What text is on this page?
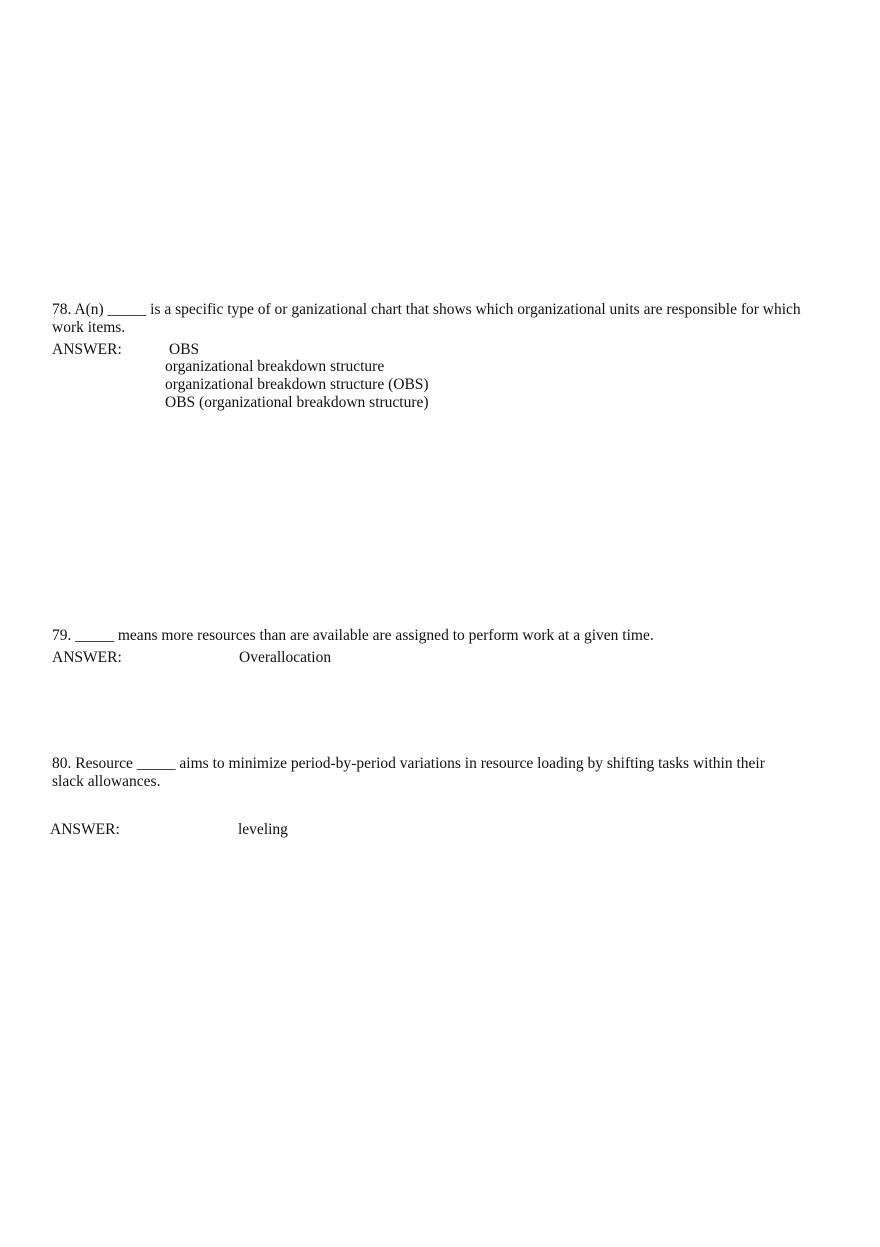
78. A(n) _____ is a specific type of or ganizational chart that shows which organizational units are responsible for which work items.
ANSWER:	OBS
organizational breakdown structure
organizational breakdown structure (OBS)
OBS (organizational breakdown structure)
79. _____ means more resources than are available are assigned to perform work at a given time.
ANSWER:	Overallocation
80. Resource _____ aims to minimize period-by-period variations in resource loading by shifting tasks within their slack allowances.
ANSWER:	leveling
